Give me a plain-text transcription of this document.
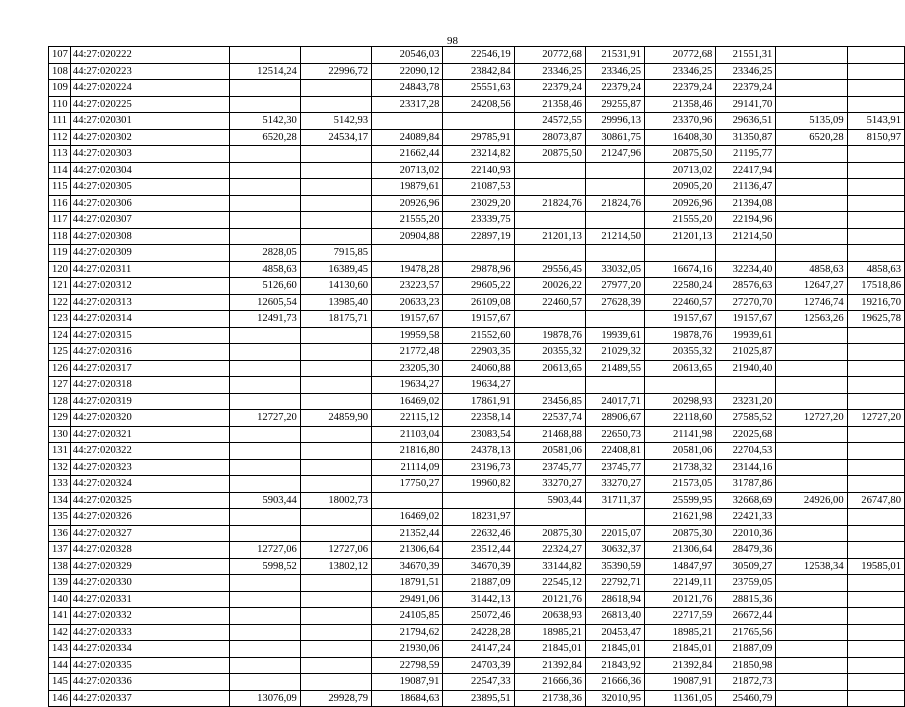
98
107	44:27:020222			20546,03	22546,19	20772,68	21531,91	20772,68	21551,31		
108	44:27:020223	12514,24	22996,72	22090,12	23842,84	23346,25	23346,25	23346,25	23346,25		
109	44:27:020224			24843,78	25551,63	22379,24	22379,24	22379,24	22379,24		
110	44:27:020225			23317,28	24208,56	21358,46	29255,87	21358,46	29141,70		
111	44:27:020301	5142,30	5142,93			24572,55	29996,13	23370,96	29636,51	5135,09	5143,91
112	44:27:020302	6520,28	24534,17	24089,84	29785,91	28073,87	30861,75	16408,30	31350,87	6520,28	8150,97
113	44:27:020303			21662,44	23214,82	20875,50	21247,96	20875,50	21195,77		
114	44:27:020304			20713,02	22140,93			20713,02	22417,94		
115	44:27:020305			19879,61	21087,53			20905,20	21136,47		
116	44:27:020306			20926,96	23029,20	21824,76	21824,76	20926,96	21394,08		
117	44:27:020307			21555,20	23339,75			21555,20	22194,96		
118	44:27:020308			20904,88	22897,19	21201,13	21214,50	21201,13	21214,50		
119	44:27:020309	2828,05	7915,85								
120	44:27:020311	4858,63	16389,45	19478,28	29878,96	29556,45	33032,05	16674,16	32234,40	4858,63	4858,63
121	44:27:020312	5126,60	14130,60	23223,57	29605,22	20026,22	27977,20	22580,24	28576,63	12647,27	17518,86
122	44:27:020313	12605,54	13985,40	20633,23	26109,08	22460,57	27628,39	22460,57	27270,70	12746,74	19216,70
123	44:27:020314	12491,73	18175,71	19157,67	19157,67			19157,67	19157,67	12563,26	19625,78
124	44:27:020315			19959,58	21552,60	19878,76	19939,61	19878,76	19939,61		
125	44:27:020316			21772,48	22903,35	20355,32	21029,32	20355,32	21025,87		
126	44:27:020317			23205,30	24060,88	20613,65	21489,55	20613,65	21940,40		
127	44:27:020318			19634,27	19634,27						
128	44:27:020319			16469,02	17861,91	23456,85	24017,71	20298,93	23231,20		
129	44:27:020320	12727,20	24859,90	22115,12	22358,14	22537,74	28906,67	22118,60	27585,52	12727,20	12727,20
130	44:27:020321			21103,04	23083,54	21468,88	22650,73	21141,98	22025,68		
131	44:27:020322			21816,80	24378,13	20581,06	22408,81	20581,06	22704,53		
132	44:27:020323			21114,09	23196,73	23745,77	23745,77	21738,32	23144,16		
133	44:27:020324			17750,27	19960,82	33270,27	33270,27	21573,05	31787,86		
134	44:27:020325	5903,44	18002,73			5903,44	31711,37	25599,95	32668,69	24926,00	26747,80
135	44:27:020326			16469,02	18231,97			21621,98	22421,33		
136	44:27:020327			21352,44	22632,46	20875,30	22015,07	20875,30	22010,36		
137	44:27:020328	12727,06	12727,06	21306,64	23512,44	22324,27	30632,37	21306,64	28479,36		
138	44:27:020329	5998,52	13802,12	34670,39	34670,39	33144,82	35390,59	14847,97	30509,27	12538,34	19585,01
139	44:27:020330			18791,51	21887,09	22545,12	22792,71	22149,11	23759,05		
140	44:27:020331			29491,06	31442,13	20121,76	28618,94	20121,76	28815,36		
141	44:27:020332			24105,85	25072,46	20638,93	26813,40	22717,59	26672,44		
142	44:27:020333			21794,62	24228,28	18985,21	20453,47	18985,21	21765,56		
143	44:27:020334			21930,06	24147,24	21845,01	21845,01	21845,01	21887,09		
144	44:27:020335			22798,59	24703,39	21392,84	21843,92	21392,84	21850,98		
145	44:27:020336			19087,91	22547,33	21666,36	21666,36	19087,91	21872,73		
146	44:27:020337	13076,09	29928,79	18684,63	23895,51	21738,36	32010,95	11361,05	25460,79		
